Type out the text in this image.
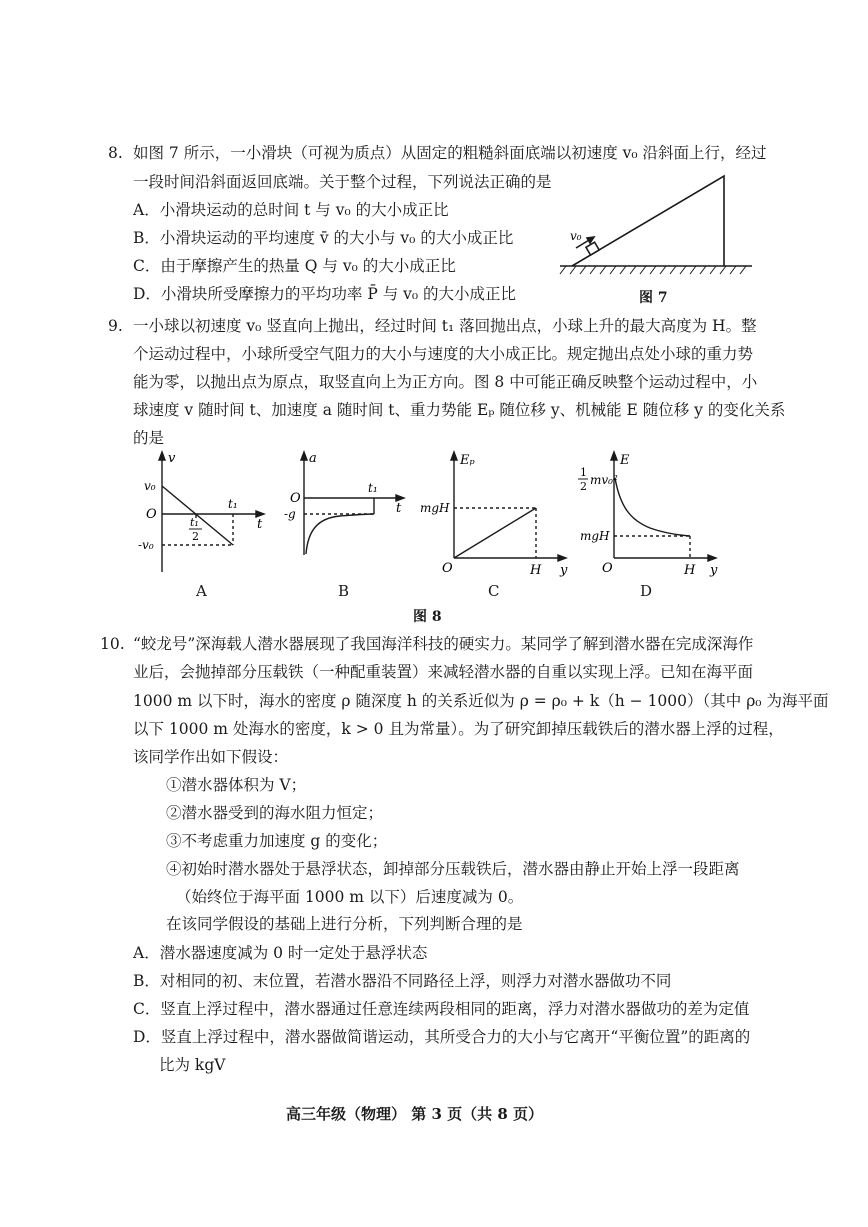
8. 如图 7 所示，一小滑块（可视为质点）从固定的粗糙斜面底端以初速度 v₀ 沿斜面上行，经过
一段时间沿斜面返回底端。关于整个过程，下列说法正确的是
A．小滑块运动的总时间 t 与 v₀ 的大小成正比
B．小滑块运动的平均速度 v̄ 的大小与 v₀ 的大小成正比
C．由于摩擦产生的热量 Q 与 v₀ 的大小成正比
D．小滑块所受摩擦力的平均功率 P̄ 与 v₀ 的大小成正比
v₀
图 7
9. 一小球以初速度 v₀ 竖直向上抛出，经过时间 t₁ 落回抛出点，小球上升的最大高度为 H。整
个运动过程中，小球所受空气阻力的大小与速度的大小成正比。规定抛出点处小球的重力势
能为零，以抛出点为原点，取竖直向上为正方向。图 8 中可能正确反映整个运动过程中，小
球速度 v 随时间 t、加速度 a 随时间 t、重力势能 Eₚ 随位移 y、机械能 E 随位移 y 的变化关系
的是
v
v₀
O
-v₀
t₁
t
t₁
2
A
a
O
-g
t₁
t
B
Eₚ
mgH
O	H y
C
E
1
2 mv₀²
mgH
O	H y
D
图 8
10. “蛟龙号”深海载人潜水器展现了我国海洋科技的硬实力。某同学了解到潜水器在完成深海作
业后，会抛掉部分压载铁（一种配重装置）来减轻潜水器的自重以实现上浮。已知在海平面
1000 m 以下时，海水的密度 ρ 随深度 h 的关系近似为 ρ = ρ₀ + k（h − 1000）（其中 ρ₀ 为海平面
以下 1000 m 处海水的密度，k > 0 且为常量）。为了研究卸掉压载铁后的潜水器上浮的过程，
该同学作出如下假设：
①潜水器体积为 V；
②潜水器受到的海水阻力恒定；
③不考虑重力加速度 g 的变化；
④初始时潜水器处于悬浮状态，卸掉部分压载铁后，潜水器由静止开始上浮一段距离
（始终位于海平面 1000 m 以下）后速度减为 0。
在该同学假设的基础上进行分析，下列判断合理的是
A．潜水器速度减为 0 时一定处于悬浮状态
B．对相同的初、末位置，若潜水器沿不同路径上浮，则浮力对潜水器做功不同
C．竖直上浮过程中，潜水器通过任意连续两段相同的距离，浮力对潜水器做功的差为定值
D．竖直上浮过程中，潜水器做简谐运动，其所受合力的大小与它离开“平衡位置”的距离的
比为 kgV
高三年级（物理） 第 3 页（共 8 页）
